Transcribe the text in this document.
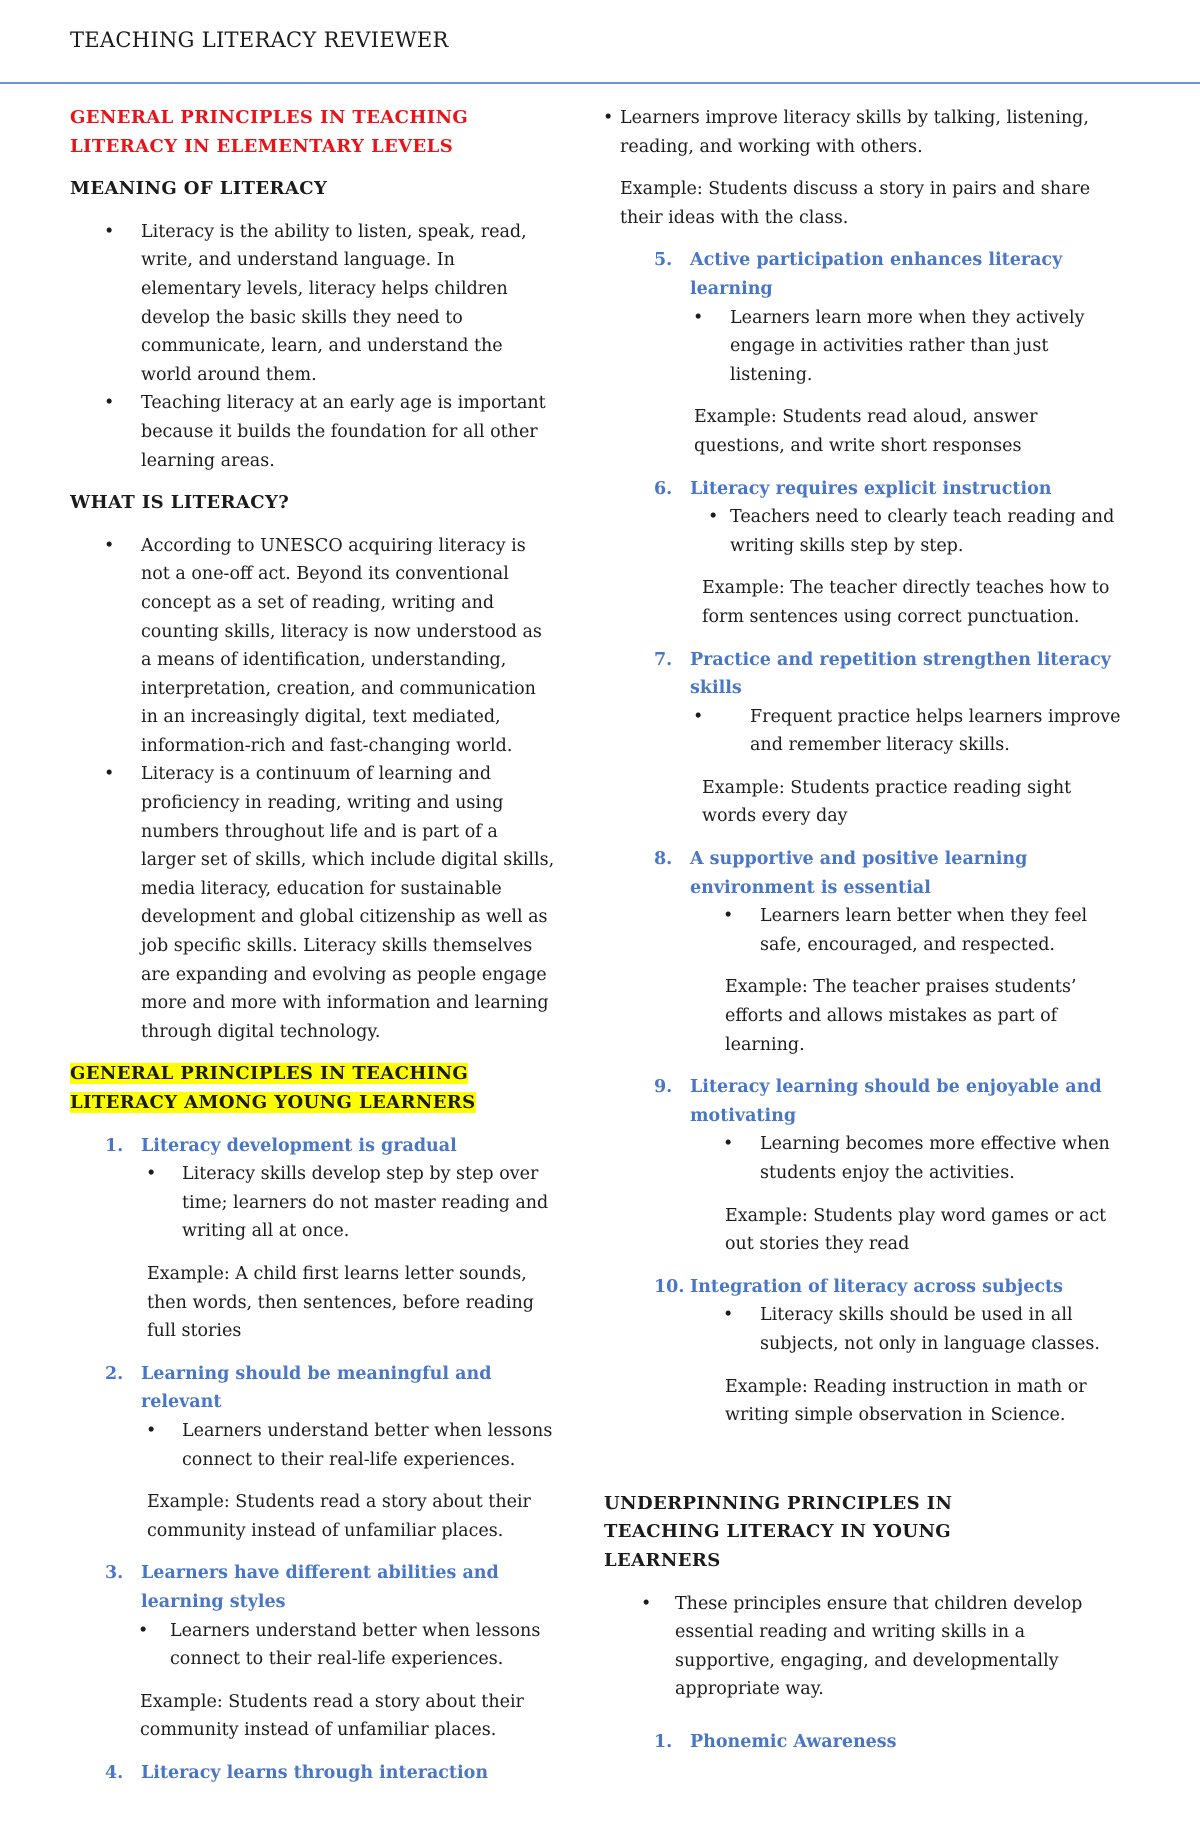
TEACHING LITERACY REVIEWER
GENERAL PRINCIPLES IN TEACHING LITERACY IN ELEMENTARY LEVELS
MEANING OF LITERACY
• Literacy is the ability to listen, speak, read, write, and understand language. In elementary levels, literacy helps children develop the basic skills they need to communicate, learn, and understand the world around them.
• Teaching literacy at an early age is important because it builds the foundation for all other learning areas.
WHAT IS LITERACY?
• According to UNESCO acquiring literacy is not a one-off act. Beyond its conventional concept as a set of reading, writing and counting skills, literacy is now understood as a means of identification, understanding, interpretation, creation, and communication in an increasingly digital, text mediated, information-rich and fast-changing world.
• Literacy is a continuum of learning and proficiency in reading, writing and using numbers throughout life and is part of a larger set of skills, which include digital skills, media literacy, education for sustainable development and global citizenship as well as job specific skills. Literacy skills themselves are expanding and evolving as people engage more and more with information and learning through digital technology.
GENERAL PRINCIPLES IN TEACHING LITERACY AMONG YOUNG LEARNERS
1. Literacy development is gradual
• Literacy skills develop step by step over time; learners do not master reading and writing all at once.

Example: A child first learns letter sounds, then words, then sentences, before reading full stories

2. Learning should be meaningful and relevant
• Learners understand better when lessons connect to their real-life experiences.

Example: Students read a story about their community instead of unfamiliar places.

3. Learners have different abilities and learning styles
• Learners understand better when lessons connect to their real-life experiences.

Example: Students read a story about their community instead of unfamiliar places.

4. Literacy learns through interaction
• Learners improve literacy skills by talking, listening, reading, and working with others.

Example: Students discuss a story in pairs and share their ideas with the class.

5. Active participation enhances literacy learning
• Learners learn more when they actively engage in activities rather than just listening.

Example: Students read aloud, answer questions, and write short responses

6. Literacy requires explicit instruction
• Teachers need to clearly teach reading and writing skills step by step.

Example: The teacher directly teaches how to form sentences using correct punctuation.

7. Practice and repetition strengthen literacy skills
•	Frequent practice helps learners improve and remember literacy skills.

Example: Students practice reading sight words every day

8. A supportive and positive learning environment is essential
• Learners learn better when they feel safe, encouraged, and respected.

Example: The teacher praises students’ efforts and allows mistakes as part of learning.

9. Literacy learning should be enjoyable and motivating
• Learning becomes more effective when students enjoy the activities.

Example: Students play word games or act out stories they read

10. Integration of literacy across subjects
• Literacy skills should be used in all subjects, not only in language classes.

Example: Reading instruction in math or writing simple observation in Science.

UNDERPINNING PRINCIPLES IN TEACHING LITERACY IN YOUNG LEARNERS
• These principles ensure that children develop essential reading and writing skills in a supportive, engaging, and developmentally appropriate way.
1. Phonemic Awareness
